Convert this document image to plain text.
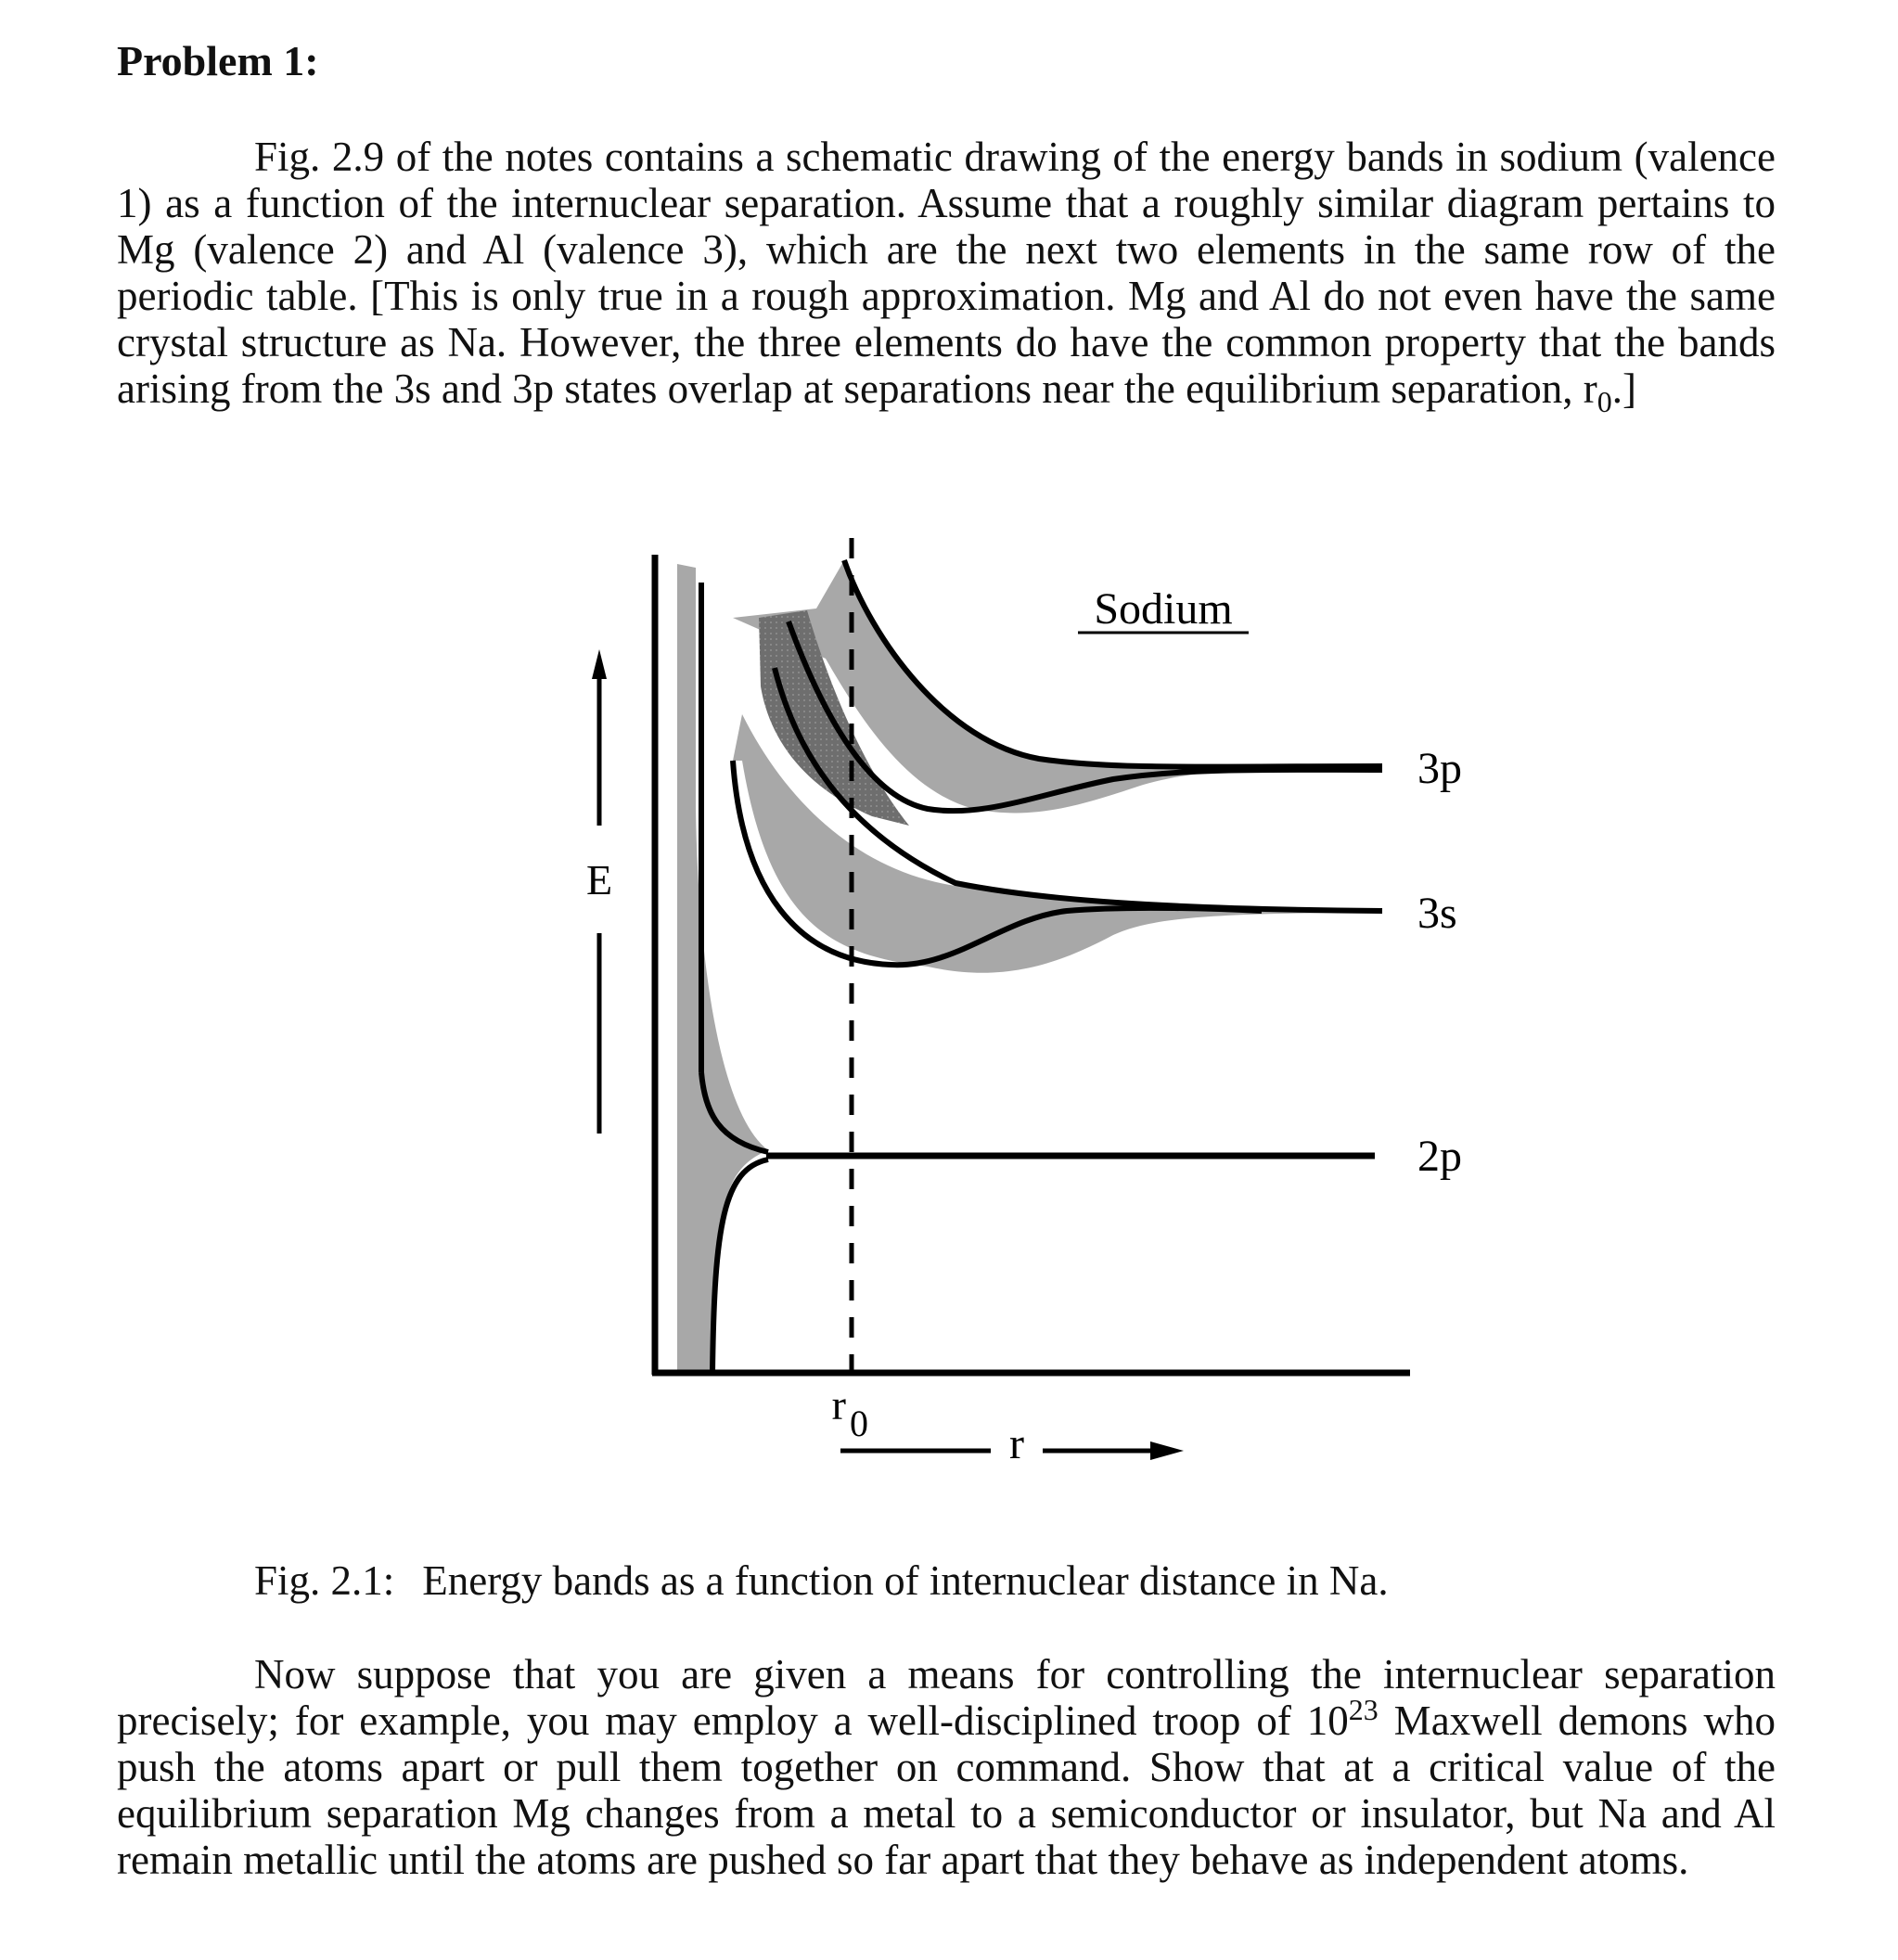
Problem 1:
Fig. 2.9 of the notes contains a schematic drawing of the energy bands in sodium (valence 1) as a function of the internuclear separation. Assume that a roughly similar diagram pertains to Mg (valence 2) and Al (valence 3), which are the next two elements in the same row of the periodic table. [This is only true in a rough approximation. Mg and Al do not even have the same crystal structure as Na. However, the three elements do have the common property that the bands arising from the 3s and 3p states overlap at separations near the equilibrium separation, $r_0$.]
E
r
r 0
Sodium
3p
3s
2p
Fig. 2.1: Energy bands as a function of internuclear distance in Na.
Now suppose that you are given a means for controlling the internuclear separation precisely; for example, you may employ a well-disciplined troop of $10^{23}$ Maxwell demons who push the atoms apart or pull them together on command. Show that at a critical value of the equilibrium separation Mg changes from a metal to a semiconductor or insulator, but Na and Al remain metallic until the atoms are pushed so far apart that they behave as independent atoms.
